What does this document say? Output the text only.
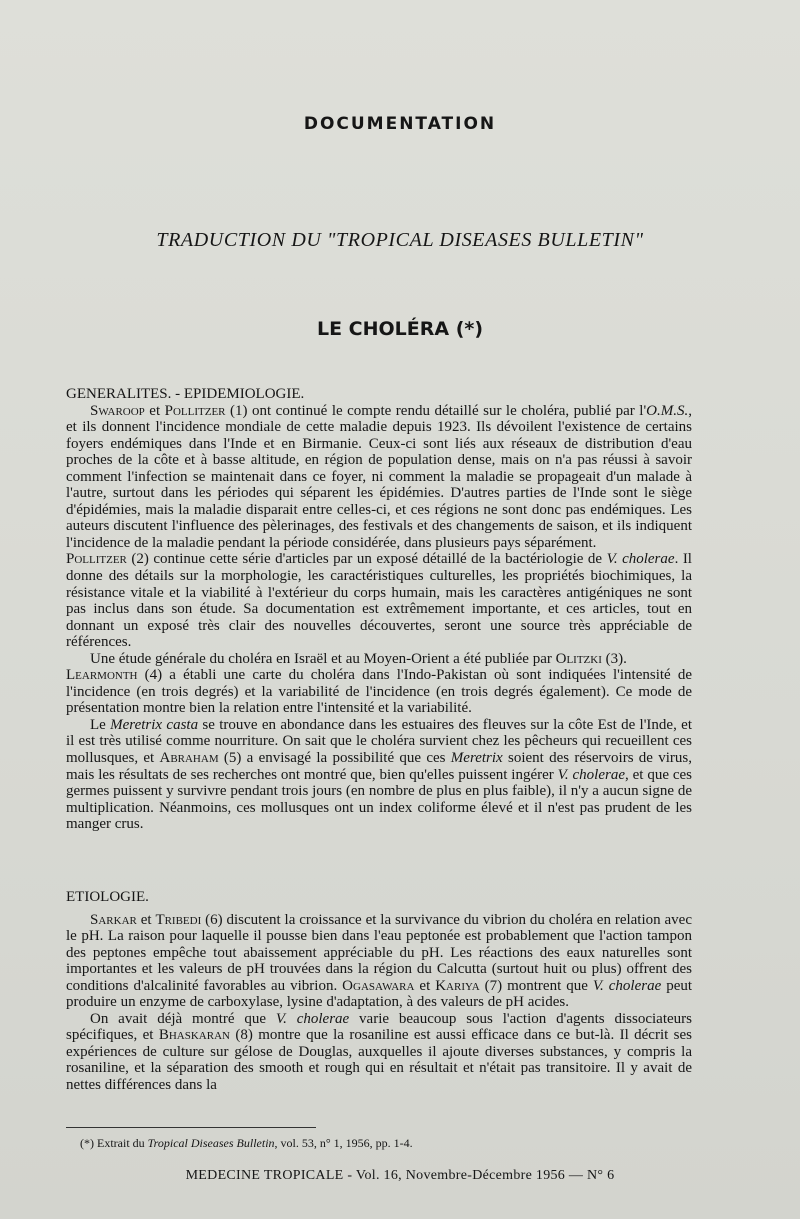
DOCUMENTATION
TRADUCTION DU "TROPICAL DISEASES BULLETIN"
LE CHOLÉRA (*)
GENERALITES. - EPIDEMIOLOGIE.

Swaroop et Pollitzer (1) ont continué le compte rendu détaillé sur le choléra, publié par l'O.M.S., et ils donnent l'incidence mondiale de cette maladie depuis 1923. Ils dévoilent l'existence de certains foyers endémiques dans l'Inde et en Birmanie. Ceux-ci sont liés aux réseaux de distribution d'eau proches de la côte et à basse altitude, en région de population dense, mais on n'a pas réussi à savoir comment l'infection se maintenait dans ce foyer, ni comment la maladie se propageait d'un malade à l'autre, surtout dans les périodes qui séparent les épidémies. D'autres parties de l'Inde sont le siège d'épidémies, mais la maladie disparait entre celles-ci, et ces régions ne sont donc pas endémiques. Les auteurs discutent l'influence des pèlerinages, des festivals et des changements de saison, et ils indiquent l'incidence de la maladie pendant la période considérée, dans plusieurs pays séparément.

Pollitzer (2) continue cette série d'articles par un exposé détaillé de la bactériologie de V. cholerae. Il donne des détails sur la morphologie, les caractéristiques culturelles, les propriétés biochimiques, la résistance vitale et la viabilité à l'extérieur du corps humain, mais les caractères antigéniques ne sont pas inclus dans son étude. Sa documentation est extrêmement importante, et ces articles, tout en donnant un exposé très clair des nouvelles découvertes, seront une source très appréciable de références.

Une étude générale du choléra en Israël et au Moyen-Orient a été publiée par Olitzki (3).

Learmonth (4) a établi une carte du choléra dans l'Indo-Pakistan où sont indiquées l'intensité de l'incidence (en trois degrés) et la variabilité de l'incidence (en trois degrés également). Ce mode de présentation montre bien la relation entre l'intensité et la variabilité.

Le Meretrix casta se trouve en abondance dans les estuaires des fleuves sur la côte Est de l'Inde, et il est très utilisé comme nourriture. On sait que le choléra survient chez les pêcheurs qui recueillent ces mollusques, et Abraham (5) a envisagé la possibilité que ces Meretrix soient des réservoirs de virus, mais les résultats de ses recherches ont montré que, bien qu'elles puissent ingérer V. cholerae, et que ces germes puissent y survivre pendant trois jours (en nombre de plus en plus faible), il n'y a aucun signe de multiplication. Néanmoins, ces mollusques ont un index coliforme élevé et il n'est pas prudent de les manger crus.

ETIOLOGIE.

Sarkar et Tribedi (6) discutent la croissance et la survivance du vibrion du choléra en relation avec le pH. La raison pour laquelle il pousse bien dans l'eau peptonée est probablement que l'action tampon des peptones empêche tout abaissement appréciable du pH. Les réactions des eaux naturelles sont importantes et les valeurs de pH trouvées dans la région du Calcutta (surtout huit ou plus) offrent des conditions d'alcalinité favorables au vibrion. Ogasawara et Kariya (7) montrent que V. cholerae peut produire un enzyme de carboxylase, lysine d'adaptation, à des valeurs de pH acides.

On avait déjà montré que V. cholerae varie beaucoup sous l'action d'agents dissociateurs spécifiques, et Bhaskaran (8) montre que la rosaniline est aussi efficace dans ce but-là. Il décrit ses expériences de culture sur gélose de Douglas, auxquelles il ajoute diverses substances, y compris la rosaniline, et la séparation des smooth et rough qui en résultait et n'était pas transitoire. Il y avait de nettes différences dans la

(*) Extrait du Tropical Diseases Bulletin, vol. 53, n° 1, 1956, pp. 1-4.
MEDECINE TROPICALE - Vol. 16, Novembre-Décembre 1956 — N° 6
